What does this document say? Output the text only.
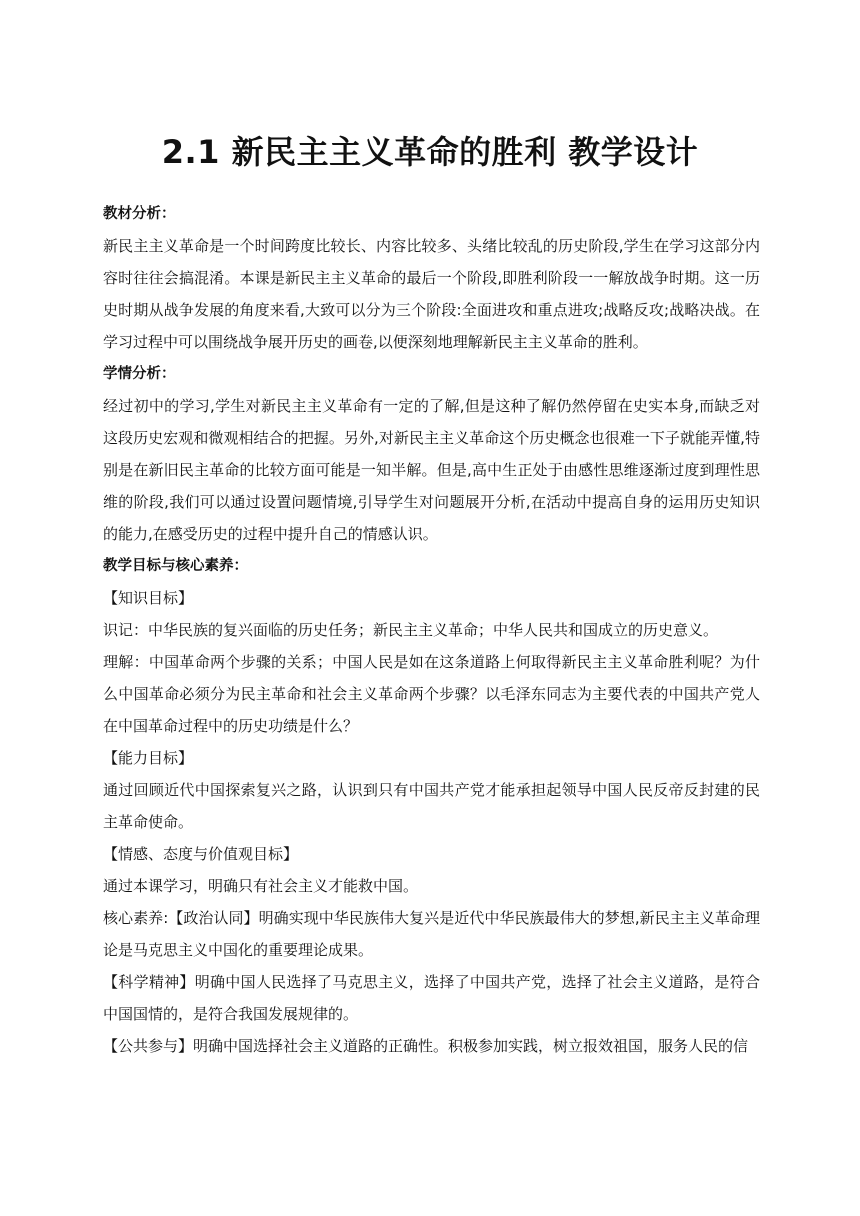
2.1 新民主主义革命的胜利 教学设计

教材分析：

新民主主义革命是一个时间跨度比较长、内容比较多、头绪比较乱的历史阶段,学生在学习这部分内容时往往会搞混淆。本课是新民主主义革命的最后一个阶段,即胜利阶段一一解放战争时期。这一历史时期从战争发展的角度来看,大致可以分为三个阶段:全面进攻和重点进攻;战略反攻;战略决战。在学习过程中可以围绕战争展开历史的画卷,以便深刻地理解新民主主义革命的胜利。

学情分析：

经过初中的学习,学生对新民主主义革命有一定的了解,但是这种了解仍然停留在史实本身,而缺乏对这段历史宏观和微观相结合的把握。另外,对新民主主义革命这个历史概念也很难一下子就能弄懂,特别是在新旧民主革命的比较方面可能是一知半解。但是,高中生正处于由感性思维逐渐过度到理性思维的阶段,我们可以通过设置问题情境,引导学生对问题展开分析,在活动中提高自身的运用历史知识的能力,在感受历史的过程中提升自己的情感认识。

教学目标与核心素养：

【知识目标】

识记：中华民族的复兴面临的历史任务；新民主主义革命；中华人民共和国成立的历史意义。

理解：中国革命两个步骤的关系；中国人民是如在这条道路上何取得新民主主义革命胜利呢？为什么中国革命必须分为民主革命和社会主义革命两个步骤？以毛泽东同志为主要代表的中国共产党人在中国革命过程中的历史功绩是什么？

【能力目标】

通过回顾近代中国探索复兴之路，认识到只有中国共产党才能承担起领导中国人民反帝反封建的民主革命使命。

【情感、态度与价值观目标】

通过本课学习，明确只有社会主义才能救中国。

核心素养:【政治认同】明确实现中华民族伟大复兴是近代中华民族最伟大的梦想,新民主主义革命理论是马克思主义中国化的重要理论成果。

【科学精神】明确中国人民选择了马克思主义，选择了中国共产党，选择了社会主义道路，是符合中国国情的，是符合我国发展规律的。

【公共参与】明确中国选择社会主义道路的正确性。积极参加实践，树立报效祖国，服务人民的信
